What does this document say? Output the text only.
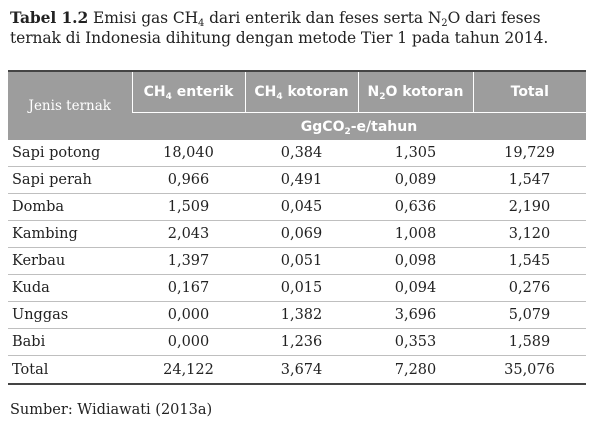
Tabel 1.2 Emisi gas $CH_4$ dari enterik dan feses serta $N_2O$ dari feses ternak di Indonesia dihitung dengan metode Tier 1 pada tahun 2014.
Jenis ternak	$CH_4$ enterik	$CH_4$ kotoran	$N_2O$ kotoran	Total
	GgCO$_2$-e/tahun			
Sapi potong	18,040	0,384	1,305	19,729
Sapi perah	0,966	0,491	0,089	1,547
Domba	1,509	0,045	0,636	2,190
Kambing	2,043	0,069	1,008	3,120
Kerbau	1,397	0,051	0,098	1,545
Kuda	0,167	0,015	0,094	0,276
Unggas	0,000	1,382	3,696	5,079
Babi	0,000	1,236	0,353	1,589
Total	24,122	3,674	7,280	35,076
Sumber: Widiawati (2013a)
